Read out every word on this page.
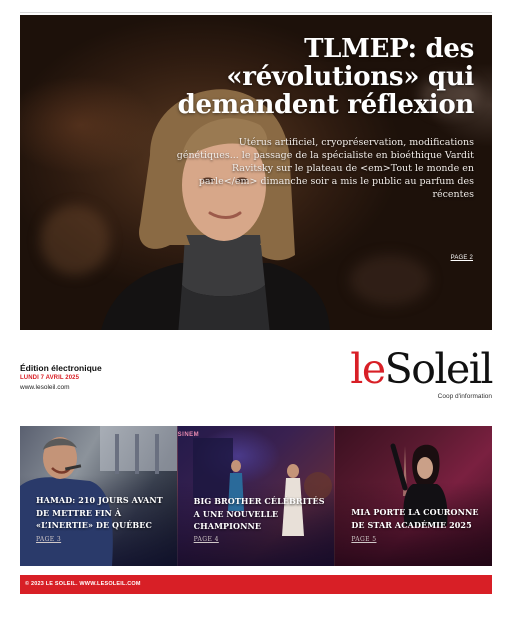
TLMEP: des «révolutions» qui demandent réflexion

Utérus artificiel, cryopréservation, modifications génétiques... le passage de la spécialiste en bioéthique Vardit Ravitsky sur le plateau de <em>Tout le monde en parle</em> dimanche soir a mis le public au parfum des récentes

PAGE 2
Édition électronique
LUNDI 7 AVRIL 2025
www.lesoleil.com	leSoleil
Coop d'information
HAMAD: 210 JOURS AVANT DE METTRE FIN À «L’INERTIE» DE QUÉBEC
PAGE 3
SINEM
BIG BROTHER CÉLÉBRITÉS A UNE NOUVELLE CHAMPIONNE
PAGE 4
MIA PORTE LA COURONNE DE STAR ACADÉMIE 2025
PAGE 5
© 2023 LE SOLEIL. WWW.LESOLEIL.COM
